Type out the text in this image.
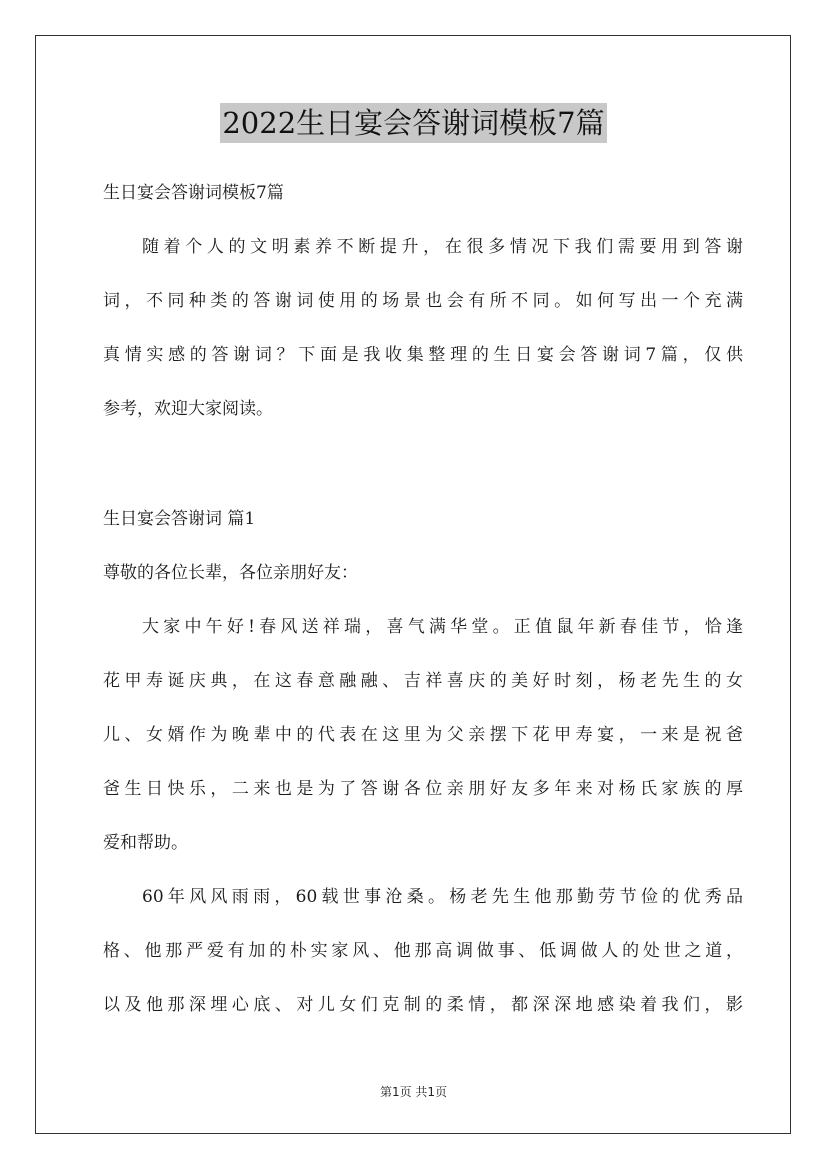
2022生日宴会答谢词模板7篇
生日宴会答谢词模板7篇
随着个人的文明素养不断提升，在很多情况下我们需要用到答谢
词，不同种类的答谢词使用的场景也会有所不同。如何写出一个充满
真情实感的答谢词？下面是我收集整理的生日宴会答谢词7篇，仅供
参考，欢迎大家阅读。
生日宴会答谢词 篇1
尊敬的各位长辈，各位亲朋好友：
大家中午好!春风送祥瑞，喜气满华堂。正值鼠年新春佳节，恰逢
花甲寿诞庆典，在这春意融融、吉祥喜庆的美好时刻，杨老先生的女
儿、女婿作为晚辈中的代表在这里为父亲摆下花甲寿宴，一来是祝爸
爸生日快乐，二来也是为了答谢各位亲朋好友多年来对杨氏家族的厚
爱和帮助。
60年风风雨雨，60载世事沧桑。杨老先生他那勤劳节俭的优秀品
格、他那严爱有加的朴实家风、他那高调做事、低调做人的处世之道，
以及他那深埋心底、对儿女们克制的柔情，都深深地感染着我们，影
第1页 共1页
